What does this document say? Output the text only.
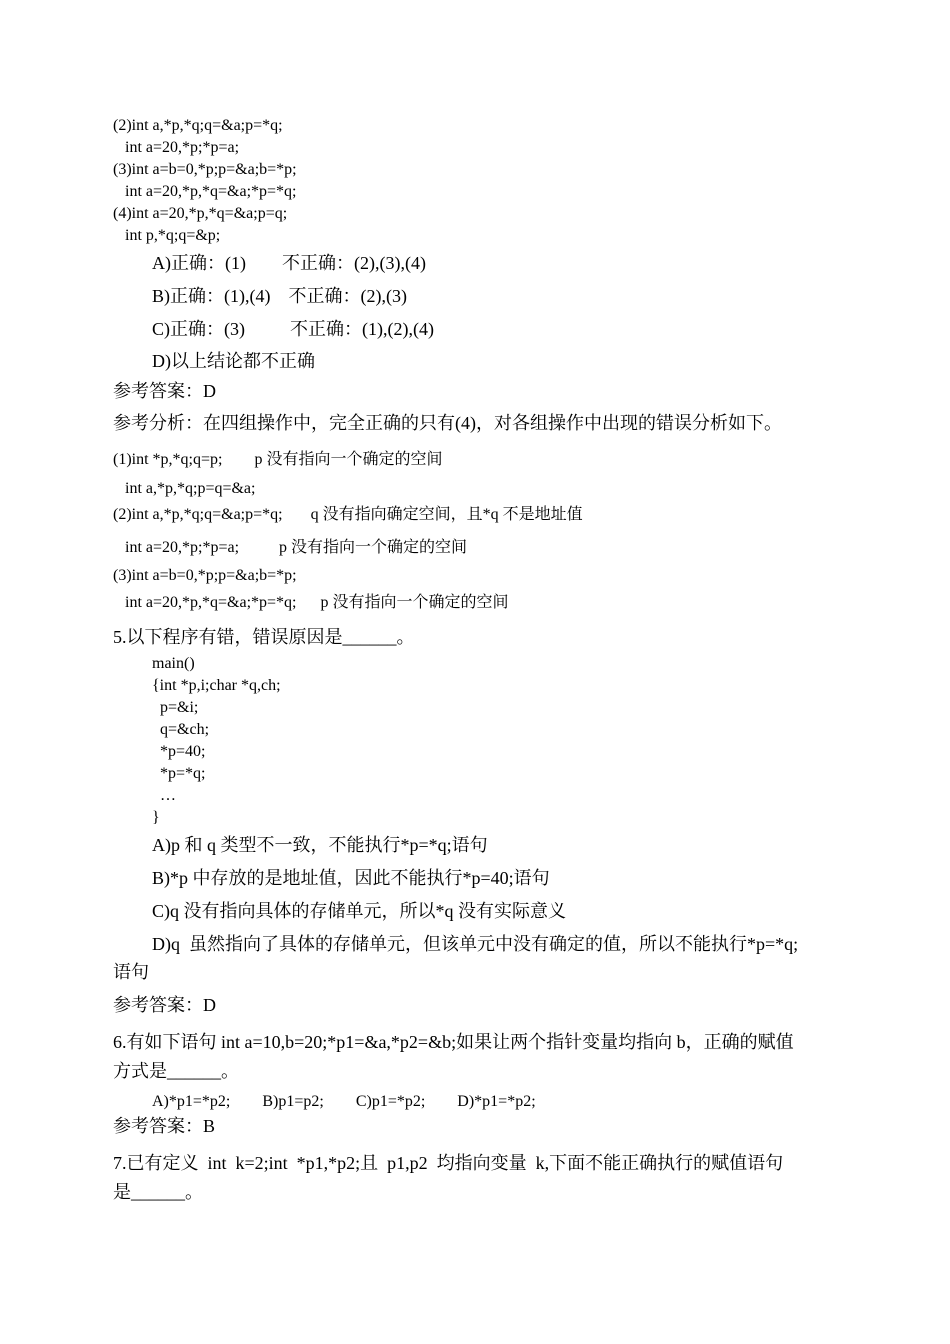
(2)int a,*p,*q;q=&a;p=*q;
int a=20,*p;*p=a;
(3)int a=b=0,*p;p=&a;b=*p;
int a=20,*p,*q=&a;*p=*q;
(4)int a=20,*p,*q=&a;p=q;
int p,*q;q=&p;
A)正确：(1)        不正确：(2),(3),(4)
B)正确：(1),(4)    不正确：(2),(3)
C)正确：(3)          不正确：(1),(2),(4)
D)以上结论都不正确
参考答案：D
参考分析：在四组操作中，完全正确的只有(4)，对各组操作中出现的错误分析如下。
(1)int *p,*q;q=p;        p 没有指向一个确定的空间
int a,*p,*q;p=q=&a;
(2)int a,*p,*q;q=&a;p=*q;       q 没有指向确定空间，且*q 不是地址值
int a=20,*p;*p=a;          p 没有指向一个确定的空间
(3)int a=b=0,*p;p=&a;b=*p;
int a=20,*p,*q=&a;*p=*q;      p 没有指向一个确定的空间
5.以下程序有错，错误原因是______。
main()
{int *p,i;char *q,ch;
p=&i;
q=&ch;
*p=40;
*p=*q;
…
}
A)p 和 q 类型不一致，不能执行*p=*q;语句
B)*p 中存放的是地址值，因此不能执行*p=40;语句
C)q 没有指向具体的存储单元，所以*q 没有实际意义
D)q  虽然指向了具体的存储单元，但该单元中没有确定的值，所以不能执行*p=*q;
语句
参考答案：D
6.有如下语句 int a=10,b=20;*p1=&a,*p2=&b;如果让两个指针变量均指向 b，正确的赋值
方式是______。
A)*p1=*p2;        B)p1=p2;        C)p1=*p2;        D)*p1=*p2;
参考答案：B
7.已有定义  int  k=2;int  *p1,*p2;且  p1,p2  均指向变量  k,下面不能正确执行的赋值语句
是______。
